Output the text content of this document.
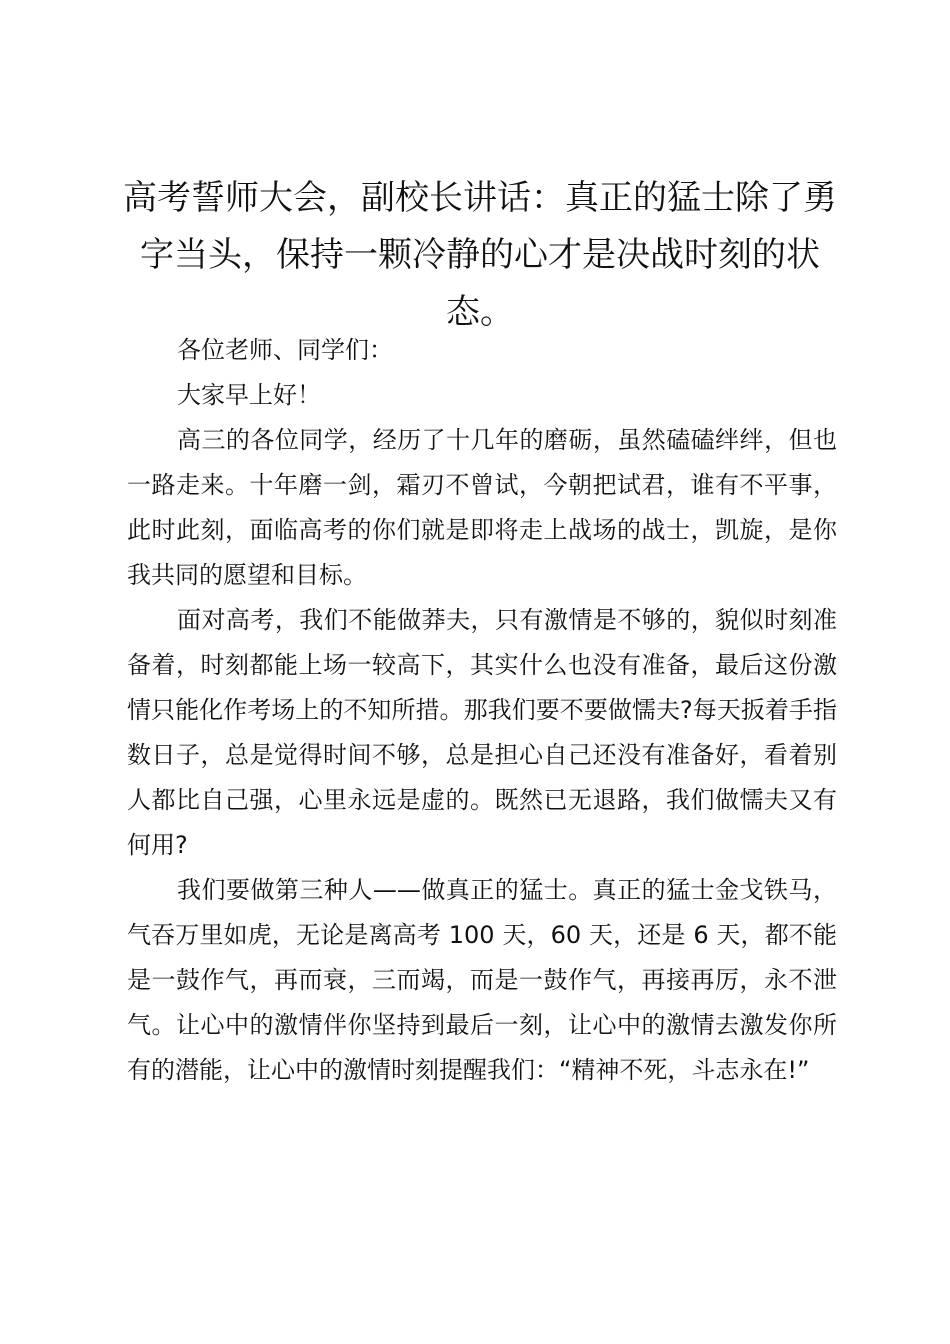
高考誓师大会，副校长讲话：真正的猛士除了勇字当头，保持一颗冷静的心才是决战时刻的状态。

各位老师、同学们：

大家早上好！

高三的各位同学，经历了十几年的磨砺，虽然磕磕绊绊，但也一路走来。十年磨一剑，霜刃不曾试，今朝把试君，谁有不平事，此时此刻，面临高考的你们就是即将走上战场的战士，凯旋，是你我共同的愿望和目标。

面对高考，我们不能做莽夫，只有激情是不够的，貌似时刻准备着，时刻都能上场一较高下，其实什么也没有准备，最后这份激情只能化作考场上的不知所措。那我们要不要做懦夫?每天扳着手指数日子，总是觉得时间不够，总是担心自己还没有准备好，看着别人都比自己强，心里永远是虚的。既然已无退路，我们做懦夫又有何用?

我们要做第三种人——做真正的猛士。真正的猛士金戈铁马，气吞万里如虎，无论是离高考 100 天，60 天，还是 6 天，都不能是一鼓作气，再而衰，三而竭，而是一鼓作气，再接再厉，永不泄气。让心中的激情伴你坚持到最后一刻，让心中的激情去激发你所有的潜能，让心中的激情时刻提醒我们：“精神不死，斗志永在!”
